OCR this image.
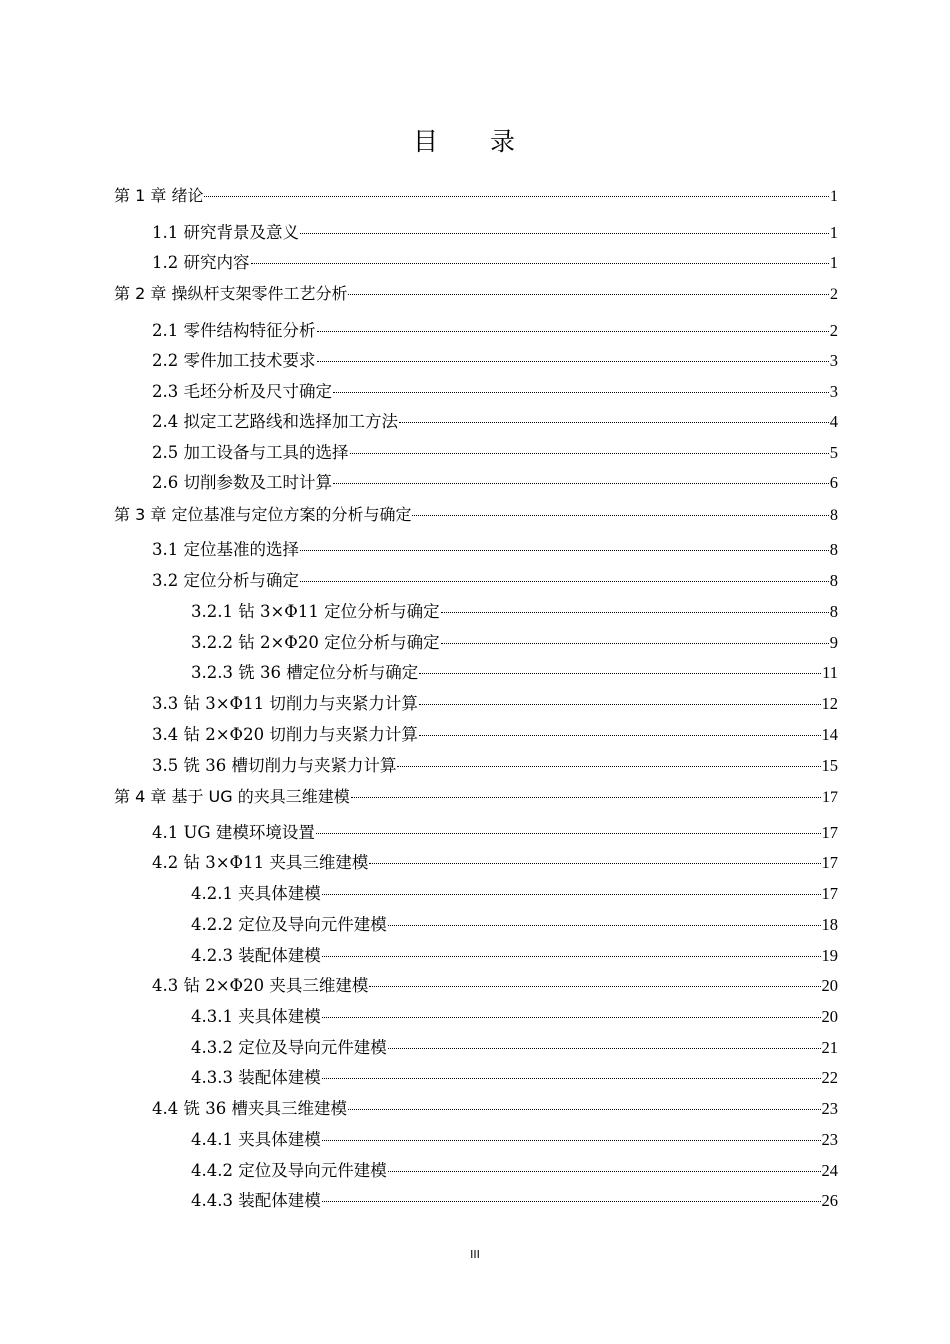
目 录
第 1 章 绪论	1
1.1 研究背景及意义	1
1.2 研究内容	1
第 2 章 操纵杆支架零件工艺分析	2
2.1 零件结构特征分析	2
2.2 零件加工技术要求	3
2.3 毛坯分析及尺寸确定	3
2.4 拟定工艺路线和选择加工方法	4
2.5 加工设备与工具的选择	5
2.6 切削参数及工时计算	6
第 3 章 定位基准与定位方案的分析与确定	8
3.1 定位基准的选择	8
3.2 定位分析与确定	8
3.2.1 钻 3×Φ11 定位分析与确定	8
3.2.2 钻 2×Φ20 定位分析与确定	9
3.2.3 铣 36 槽定位分析与确定	11
3.3 钻 3×Φ11 切削力与夹紧力计算	12
3.4 钻 2×Φ20 切削力与夹紧力计算	14
3.5 铣 36 槽切削力与夹紧力计算	15
第 4 章 基于 UG 的夹具三维建模	17
4.1 UG 建模环境设置	17
4.2 钻 3×Φ11 夹具三维建模	17
4.2.1 夹具体建模	17
4.2.2 定位及导向元件建模	18
4.2.3 装配体建模	19
4.3 钻 2×Φ20 夹具三维建模	20
4.3.1 夹具体建模	20
4.3.2 定位及导向元件建模	21
4.3.3 装配体建模	22
4.4 铣 36 槽夹具三维建模	23
4.4.1 夹具体建模	23
4.4.2 定位及导向元件建模	24
4.4.3 装配体建模	26
III
